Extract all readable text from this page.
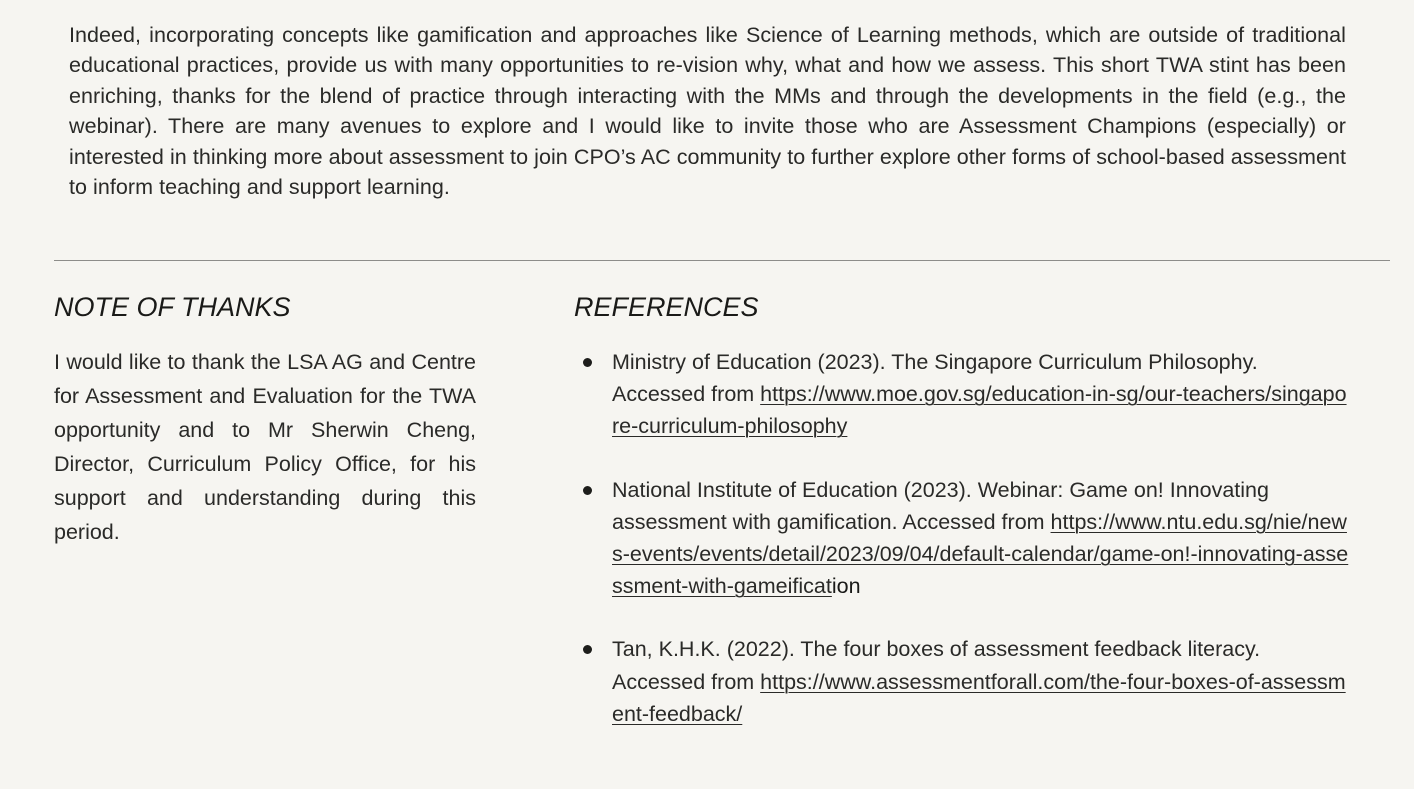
Indeed, incorporating concepts like gamification and approaches like Science of Learning methods, which are outside of traditional educational practices, provide us with many opportunities to re-vision why, what and how we assess. This short TWA stint has been enriching, thanks for the blend of practice through interacting with the MMs and through the developments in the field (e.g., the webinar). There are many avenues to explore and I would like to invite those who are Assessment Champions (especially) or interested in thinking more about assessment to join CPO’s AC community to further explore other forms of school-based assessment to inform teaching and support learning.

NOTE OF THANKS

I would like to thank the LSA AG and Centre for Assessment and Evaluation for the TWA opportunity and to Mr Sherwin Cheng, Director, Curriculum Policy Office, for his support and understanding during this period.

REFERENCES
Ministry of Education (2023). The Singapore Curriculum Philosophy. Accessed from https://www.moe.gov.sg/education-in-sg/our-teachers/singapore-curriculum-philosophy
National Institute of Education (2023). Webinar: Game on! Innovating assessment with gamification. Accessed from https://www.ntu.edu.sg/nie/news-events/events/detail/2023/09/04/default-calendar/game-on!-innovating-assessment-with-gameification
Tan, K.H.K. (2022). The four boxes of assessment feedback literacy. Accessed from https://www.assessmentforall.com/the-four-boxes-of-assessment-feedback/
